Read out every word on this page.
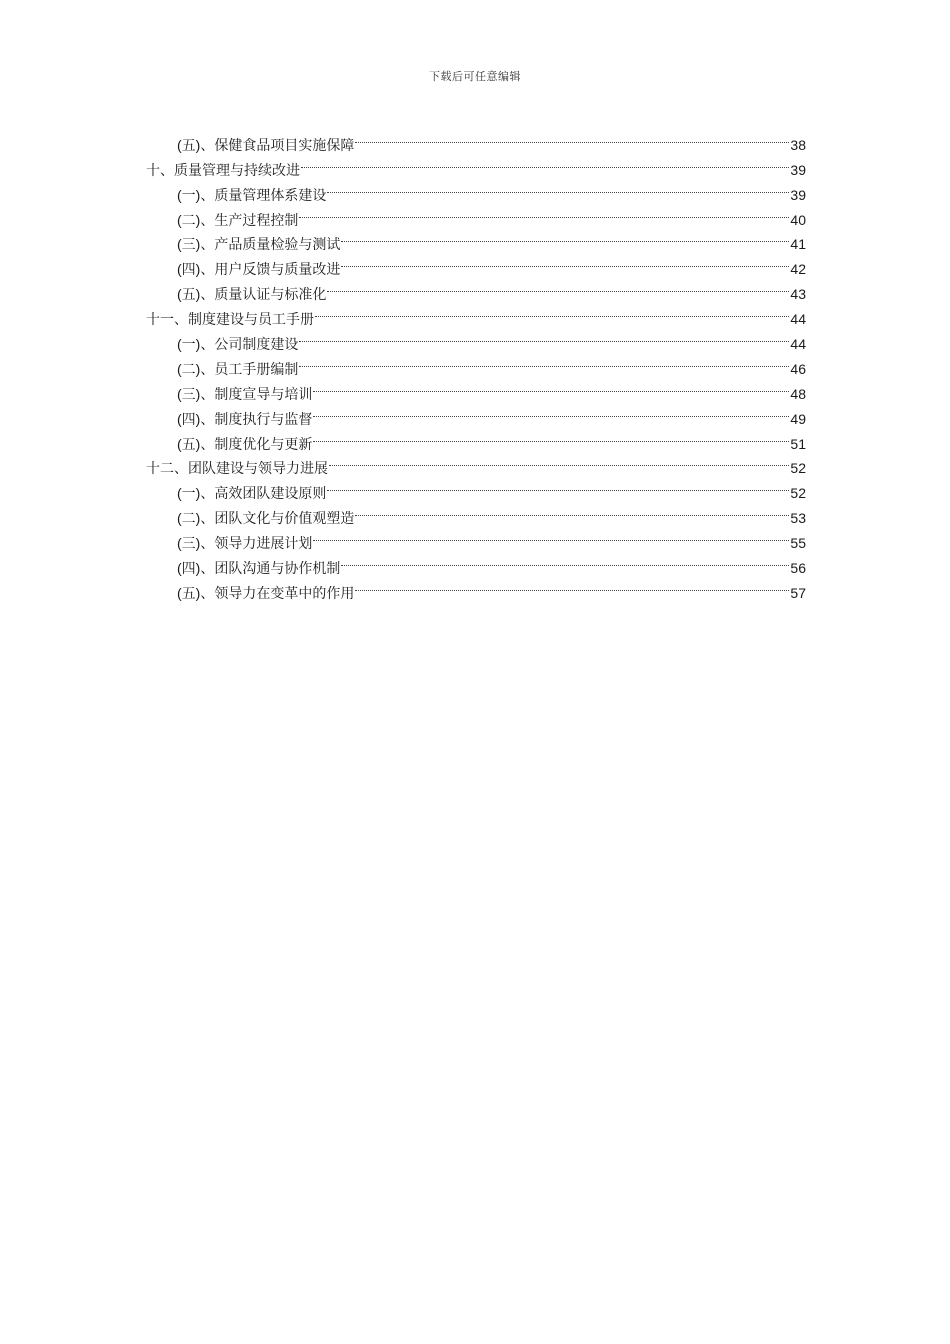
下载后可任意编辑
(五)、保健食品项目实施保障	38
十、质量管理与持续改进	39
(一)、质量管理体系建设	39
(二)、生产过程控制	40
(三)、产品质量检验与测试	41
(四)、用户反馈与质量改进	42
(五)、质量认证与标准化	43
十一、制度建设与员工手册	44
(一)、公司制度建设	44
(二)、员工手册编制	46
(三)、制度宣导与培训	48
(四)、制度执行与监督	49
(五)、制度优化与更新	51
十二、团队建设与领导力进展	52
(一)、高效团队建设原则	52
(二)、团队文化与价值观塑造	53
(三)、领导力进展计划	55
(四)、团队沟通与协作机制	56
(五)、领导力在变革中的作用	57
